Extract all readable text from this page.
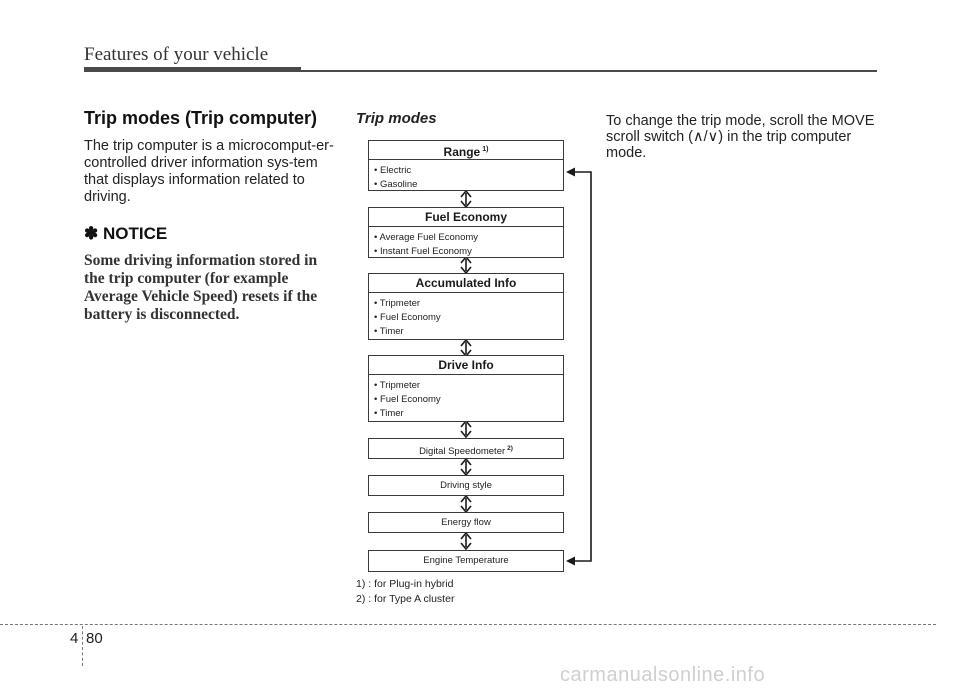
Features of your vehicle
Trip modes (Trip computer)
The trip computer is a microcomput-er-controlled driver information sys-tem that displays information related to driving.
✽ NOTICE
Some driving information stored in the trip computer (for example Average Vehicle Speed) resets if the battery is disconnected.
Trip modes
Range $^{1)}$
• Electric
• Gasoline
Fuel Economy
• Average Fuel Economy
• Instant Fuel Economy
Accumulated Info
• Tripmeter
• Fuel Economy
• Timer
Drive Info
• Tripmeter
• Fuel Economy
• Timer
Digital Speedometer $^{2)}$
Driving style
Energy flow
Engine Temperature
1) : for Plug-in hybrid
2) : for Type A cluster
To change the trip mode, scroll the MOVE scroll switch (∧/∨) in the trip computer mode.
4 80
carmanualsonline.info
